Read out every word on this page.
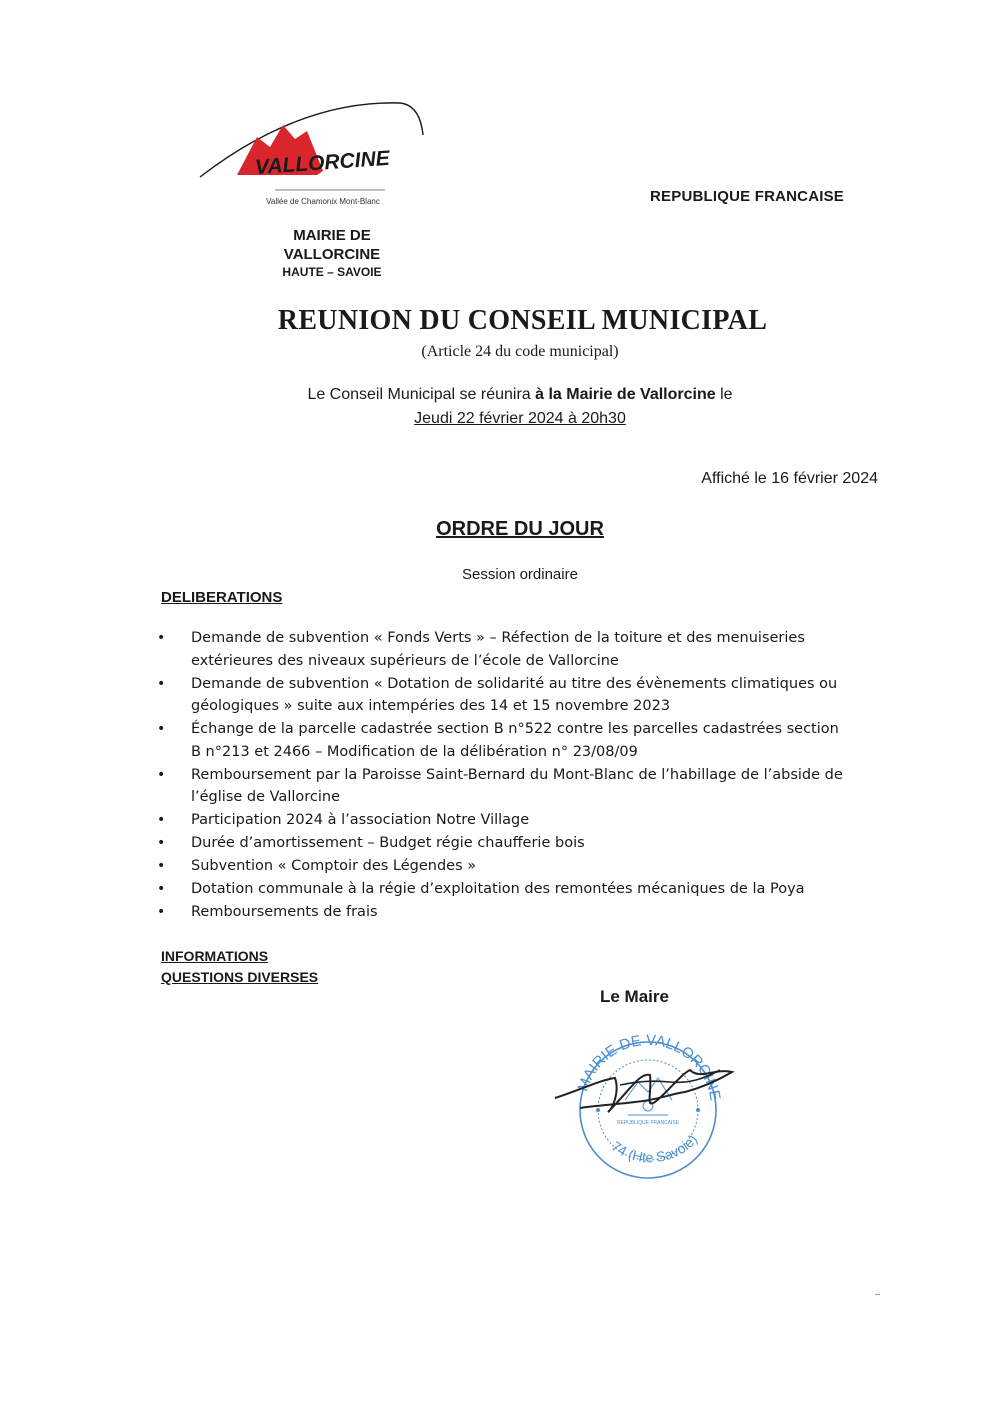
VALLORCINE
Vallée de Chamonix Mont-Blanc	REPUBLIQUE FRANCAISE
MAIRIE DE
VALLORCINE
HAUTE – SAVOIE
REUNION DU CONSEIL MUNICIPAL
(Article 24 du code municipal)
Le Conseil Municipal se réunira à la Mairie de Vallorcine le
Jeudi 22 février 2024 à 20h30
Affiché le 16 février 2024
ORDRE DU JOUR
Session ordinaire
DELIBERATIONS
• Demande de subvention « Fonds Verts » – Réfection de la toiture et des menuiseries extérieures des niveaux supérieurs de l’école de Vallorcine
• Demande de subvention « Dotation de solidarité au titre des évènements climatiques ou géologiques » suite aux intempéries des 14 et 15 novembre 2023
• Échange de la parcelle cadastrée section B n°522 contre les parcelles cadastrées section B n°213 et 2466 – Modification de la délibération n° 23/08/09
• Remboursement par la Paroisse Saint-Bernard du Mont-Blanc de l’habillage de l’abside de l’église de Vallorcine
• Participation 2024 à l’association Notre Village
• Durée d’amortissement – Budget régie chaufferie bois
• Subvention « Comptoir des Légendes »
• Dotation communale à la régie d’exploitation des remontées mécaniques de la Poya
• Remboursements de frais
INFORMATIONS
QUESTIONS DIVERSES
Le Maire
MAIRIE DE VALLORCINE
74 (Hte Savoie)
REPUBLIQUE FRANCAISE
